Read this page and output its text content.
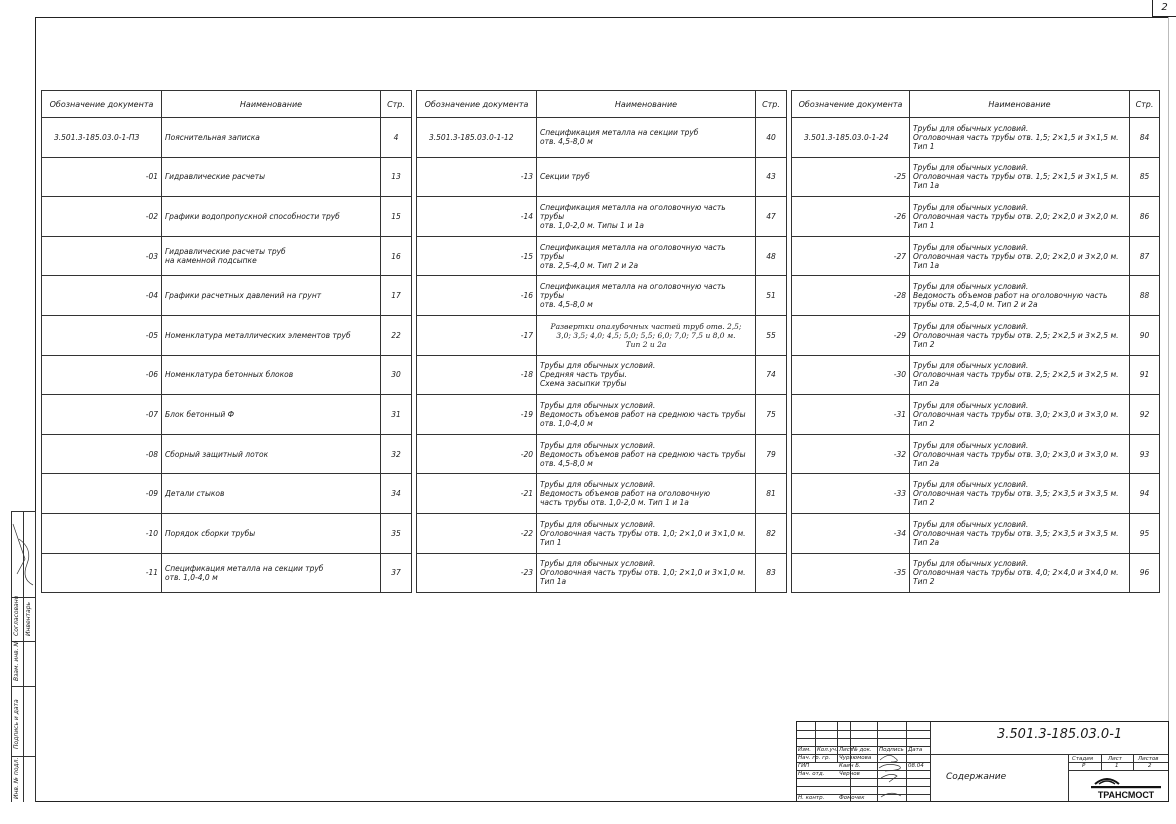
2
Обозначение документа	Наименование	Стр.
3.501.3-185.03.0-1-ПЗ	Пояснительная записка	4
-01	Гидравлические расчеты	13
-02	Графики водопропускной способности труб	15
-03	Гидравлические расчеты труб
на каменной подсыпке	16
-04	Графики расчетных давлений на грунт	17
-05	Номенклатура металлических элементов труб	22
-06	Номенклатура бетонных блоков	30
-07	Блок бетонный Ф	31
-08	Сборный защитный лоток	32
-09	Детали стыков	34
-10	Порядок сборки трубы	35
-11	Спецификация металла на секции труб
отв. 1,0-4,0 м	37
Обозначение документа	Наименование	Стр.
3.501.3-185.03.0-1-12	Спецификация металла на секции труб
отв. 4,5-8,0 м	40
-13	Секции труб	43
-14	Спецификация металла на оголовочную часть трубы
отв. 1,0-2,0 м. Типы 1 и 1а	47
-15	Спецификация металла на оголовочную часть трубы
отв. 2,5-4,0 м. Тип 2 и 2а	48
-16	Спецификация металла на оголовочную часть трубы
отв. 4,5-8,0 м	51
-17	Развертки опалубочных частей труб отв. 2,5;
3,0; 3,5; 4,0; 4,5; 5,0; 5,5; 6,0; 7,0; 7,5 и 8,0 м.
Тип 2 и 2а	55
-18	Трубы для обычных условий.
Средняя часть трубы.
Схема засыпки трубы	74
-19	Трубы для обычных условий.
Ведомость объемов работ на среднюю часть трубы
отв. 1,0-4,0 м	75
-20	Трубы для обычных условий.
Ведомость объемов работ на среднюю часть трубы
отв. 4,5-8,0 м	79
-21	Трубы для обычных условий.
Ведомость объемов работ на оголовочную
часть трубы отв. 1,0-2,0 м. Тип 1 и 1а	81
-22	Трубы для обычных условий.
Оголовочная часть трубы отв. 1,0; 2×1,0 и 3×1,0 м.
Тип 1	82
-23	Трубы для обычных условий.
Оголовочная часть трубы отв. 1,0; 2×1,0 и 3×1,0 м.
Тип 1а	83
Обозначение документа	Наименование	Стр.
3.501.3-185.03.0-1-24	Трубы для обычных условий.
Оголовочная часть трубы отв. 1,5; 2×1,5 и 3×1,5 м.
Тип 1	84
-25	Трубы для обычных условий.
Оголовочная часть трубы отв. 1,5; 2×1,5 и 3×1,5 м.
Тип 1а	85
-26	Трубы для обычных условий.
Оголовочная часть трубы отв. 2,0; 2×2,0 и 3×2,0 м.
Тип 1	86
-27	Трубы для обычных условий.
Оголовочная часть трубы отв. 2,0; 2×2,0 и 3×2,0 м.
Тип 1а	87
-28	Трубы для обычных условий.
Ведомость объемов работ на оголовочную часть
трубы отв. 2,5-4,0 м. Тип 2 и 2а	88
-29	Трубы для обычных условий.
Оголовочная часть трубы отв. 2,5; 2×2,5 и 3×2,5 м.
Тип 2	90
-30	Трубы для обычных условий.
Оголовочная часть трубы отв. 2,5; 2×2,5 и 3×2,5 м.
Тип 2а	91
-31	Трубы для обычных условий.
Оголовочная часть трубы отв. 3,0; 2×3,0 и 3×3,0 м.
Тип 2	92
-32	Трубы для обычных условий.
Оголовочная часть трубы отв. 3,0; 2×3,0 и 3×3,0 м.
Тип 2а	93
-33	Трубы для обычных условий.
Оголовочная часть трубы отв. 3,5; 2×3,5 и 3×3,5 м.
Тип 2	94
-34	Трубы для обычных условий.
Оголовочная часть трубы отв. 3,5; 2×3,5 и 3×3,5 м.
Тип 2а	95
-35	Трубы для обычных условий.
Оголовочная часть трубы отв. 4,0; 2×4,0 и 3×4,0 м.
Тип 2	96
Инв. № подл.
Подпись и дата
Взам. инв. №
Согласовано Инвентарь
Изм. Кол.уч. Лист № док. Подпись Дата
Нач. гр. гр.
ГИП
Нач. отд.
Н. контр.
Чурзюмова
Каин Б.
Чернов
Фомочек
08.04
3.501.3-185.03.0-1
Содержание
Стадия	Лист	Листов
Р	1	2
ТРАНСМОСТ
